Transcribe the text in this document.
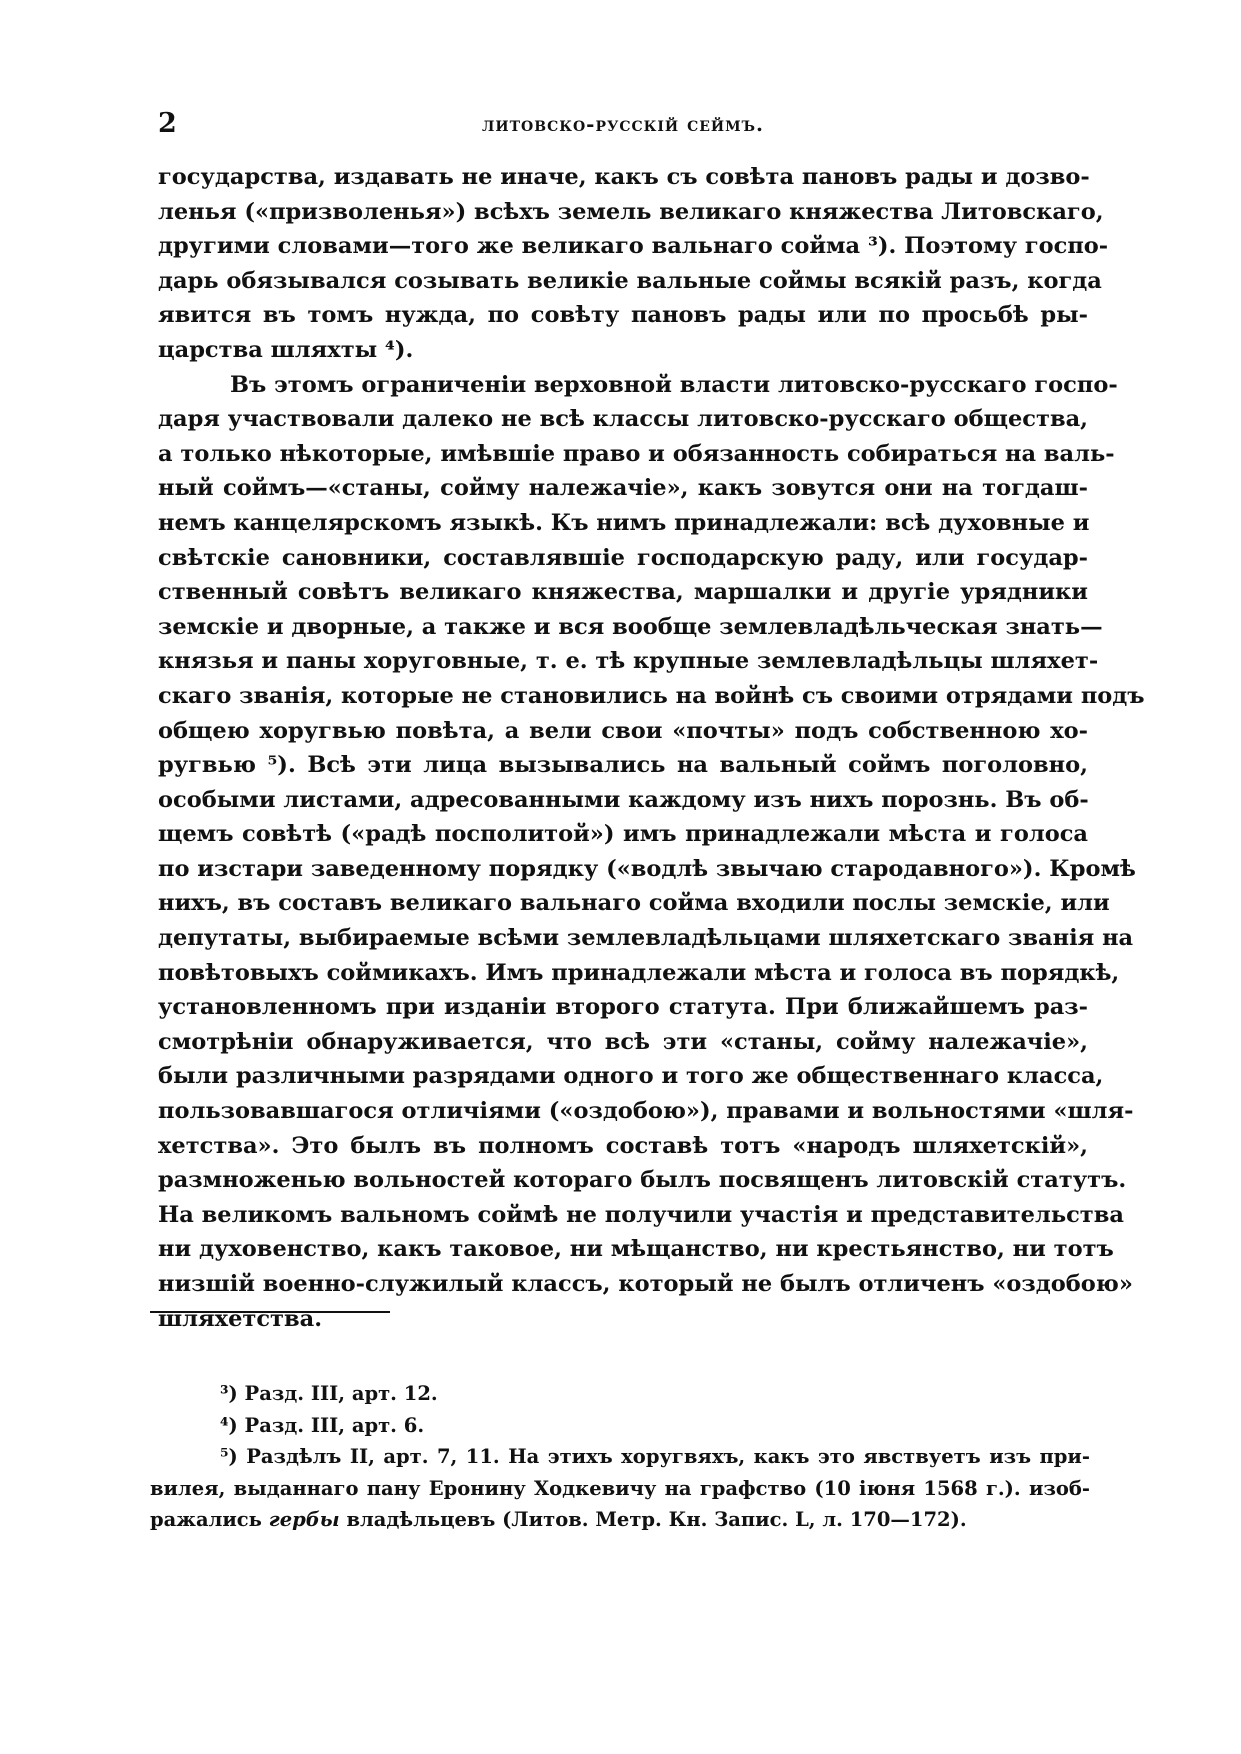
2	литовско-русскій сеймъ.

государства, издавать не иначе, какъ съ совѣта пановъ рады и дозво-
ленья («призволенья») всѣхъ земель великаго княжества Литовскаго,
другими словами—того же великаго вальнаго сойма ³). Поэтому госпо-
дарь обязывался созывать великіе вальные соймы всякій разъ, когда
явится въ томъ нужда, по совѣту пановъ рады или по просьбѣ ры-
царства шляхты ⁴).

Въ этомъ ограниченіи верховной власти литовско-русскаго госпо-
даря участвовали далеко не всѣ классы литовско-русскаго общества,
а только нѣкоторые, имѣвшіе право и обязанность собираться на валь-
ный соймъ—«станы, сойму належачіе», какъ зовутся они на тогдаш-
немъ канцелярскомъ языкѣ. Къ нимъ принадлежали: всѣ духовные и
свѣтскіе сановники, составлявшіе господарскую раду, или государ-
ственный совѣтъ великаго княжества, маршалки и другіе урядники
земскіе и дворные, а также и вся вообще землевладѣльческая знать—
князья и паны хоруговные, т. е. тѣ крупные землевладѣльцы шляхет-
скаго званія, которые не становились на войнѣ съ своими отрядами подъ
общею хоругвью повѣта, а вели свои «почты» подъ собственною хо-
ругвью ⁵). Всѣ эти лица вызывались на вальный соймъ поголовно,
особыми листами, адресованными каждому изъ нихъ порознь. Въ об-
щемъ совѣтѣ («радѣ посполитой») имъ принадлежали мѣста и голоса
по изстари заведенному порядку («водлѣ звычаю стародавного»). Кромѣ
нихъ, въ составъ великаго вальнаго сойма входили послы земскіе, или
депутаты, выбираемые всѣми землевладѣльцами шляхетскаго званія на
повѣтовыхъ соймикахъ. Имъ принадлежали мѣста и голоса въ порядкѣ,
установленномъ при изданіи второго статута. При ближайшемъ раз-
смотрѣніи обнаруживается, что всѣ эти «станы, сойму належачіе»,
были различными разрядами одного и того же общественнаго класса,
пользовавшагося отличіями («оздобою»), правами и вольностями «шля-
хетства». Это былъ въ полномъ составѣ тотъ «народъ шляхетскій»,
размноженью вольностей котораго былъ посвященъ литовскій статутъ.
На великомъ вальномъ соймѣ не получили участія и представительства
ни духовенство, какъ таковое, ни мѣщанство, ни крестьянство, ни тотъ
низшій военно-служилый классъ, который не былъ отличенъ «оздобою»
шляхетства.

³) Разд. III, арт. 12.
⁴) Разд. III, арт. 6.
⁵) Раздѣлъ II, арт. 7, 11. На этихъ хоругвяхъ, какъ это явствуетъ изъ при-
вилея, выданнаго пану Еронину Ходкевичу на графство (10 іюня 1568 г.). изоб-
ражались гербы владѣльцевъ (Литов. Метр. Кн. Запис. L, л. 170—172).
